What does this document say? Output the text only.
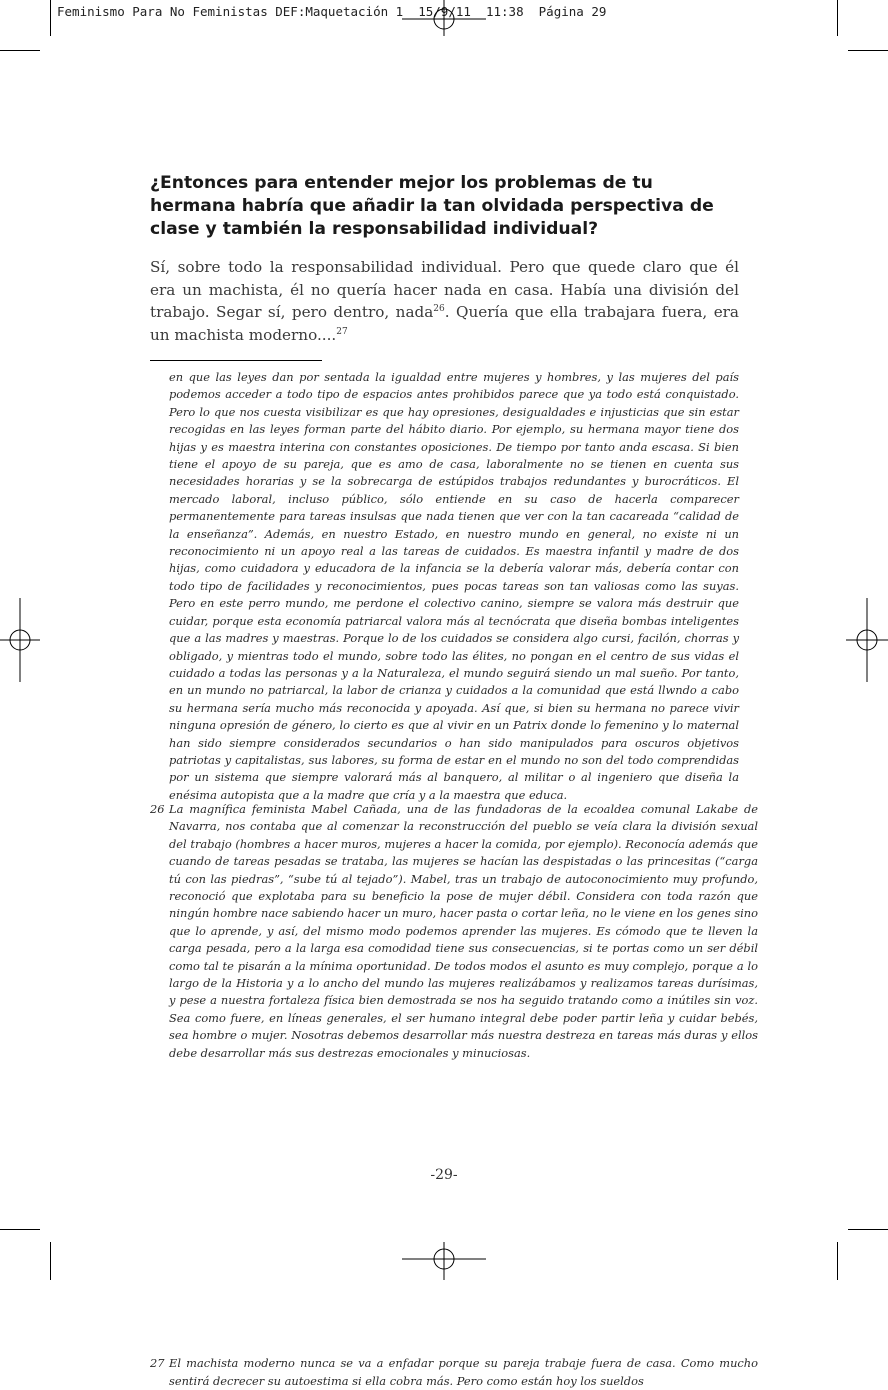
Feminismo Para No Feministas DEF:Maquetación 1  15/9/11  11:38  Página 29
¿Entonces para entender mejor los problemas de tu hermana habría que añadir la tan olvidada perspectiva de clase y también la responsabilidad individual?

Sí, sobre todo la responsabilidad individual. Pero que quede claro que él era un machista, él no quería hacer nada en casa. Había una división del trabajo. Segar sí, pero dentro, nada$^{26}$. Quería que ella trabajara fuera, era un machista moderno....$^{27}$

en que las leyes dan por sentada la igualdad entre mujeres y hombres, y las mujeres del país podemos acceder a todo tipo de espacios antes prohibidos parece que ya todo está conquistado. Pero lo que nos cuesta visibilizar es que hay opresiones, desigualdades e injusticias que sin estar recogidas en las leyes forman parte del hábito diario. Por ejemplo, su hermana mayor tiene dos hijas y es maestra interina con constantes oposiciones. De tiempo por tanto anda escasa. Si bien tiene el apoyo de su pareja, que es amo de casa, laboralmente no se tienen en cuenta sus necesidades horarias y se la sobrecarga de estúpidos trabajos redundantes y burocráticos. El mercado laboral, incluso público, sólo entiende en su caso de hacerla comparecer permanentemente para tareas insulsas que nada tienen que ver con la tan cacareada “calidad de la enseñanza”. Además, en nuestro Estado, en nuestro mundo en general, no existe ni un reconocimiento ni un apoyo real a las tareas de cuidados. Es maestra infantil y madre de dos hijas, como cuidadora y educadora de la infancia se la debería valorar más, debería contar con todo tipo de facilidades y reconocimientos, pues pocas tareas son tan valiosas como las suyas. Pero en este perro mundo, me perdone el colectivo canino, siempre se valora más destruir que cuidar, porque esta economía patriarcal valora más al tecnócrata que diseña bombas inteligentes que a las madres y maestras. Porque lo de los cuidados se considera algo cursi, facilón, chorras y obligado, y mientras todo el mundo, sobre todo las élites, no pongan en el centro de sus vidas el cuidado a todas las personas y a la Naturaleza, el mundo seguirá siendo un mal sueño. Por tanto, en un mundo no patriarcal, la labor de crianza y cuidados a la comunidad que está llwndo a cabo su hermana sería mucho más reconocida y apoyada. Así que, si bien su hermana no parece vivir ninguna opresión de género, lo cierto es que al vivir en un Patrix donde lo femenino y lo maternal han sido siempre considerados secundarios o han sido manipulados para oscuros objetivos patriotas y capitalistas, sus labores, su forma de estar en el mundo no son del todo comprendidas por un sistema que siempre valorará más al banquero, al militar o al ingeniero que diseña la enésima autopista que a la madre que cría y a la maestra que educa.

26 La magnífica feminista Mabel Cañada, una de las fundadoras de la ecoaldea comunal Lakabe de Navarra, nos contaba que al comenzar la reconstrucción del pueblo se veía clara la división sexual del trabajo (hombres a hacer muros, mujeres a hacer la comida, por ejemplo). Reconocía además que cuando de tareas pesadas se trataba, las mujeres se hacían las despistadas o las princesitas (“carga tú con las piedras”, “sube tú al tejado”). Mabel, tras un trabajo de autoconocimiento muy profundo, reconoció que explotaba para su beneficio la pose de mujer débil. Considera con toda razón que ningún hombre nace sabiendo hacer un muro, hacer pasta o cortar leña, no le viene en los genes sino que lo aprende, y así, del mismo modo podemos aprender las mujeres. Es cómodo que te lleven la carga pesada, pero a la larga esa comodidad tiene sus consecuencias, si te portas como un ser débil como tal te pisarán a la mínima oportunidad. De todos modos el asunto es muy complejo, porque a lo largo de la Historia y a lo ancho del mundo las mujeres realizábamos y realizamos tareas durísimas, y pese a nuestra fortaleza física bien demostrada se nos ha seguido tratando como a inútiles sin voz. Sea como fuere, en líneas generales, el ser humano integral debe poder partir leña y cuidar bebés, sea hombre o mujer. Nosotras debemos desarrollar más nuestra destreza en tareas más duras y ellos debe desarrollar más sus destrezas emocionales y minuciosas.
27 El machista moderno nunca se va a enfadar porque su pareja trabaje fuera de casa. Como mucho sentirá decrecer su autoestima si ella cobra más. Pero como están hoy los sueldos
-29-
